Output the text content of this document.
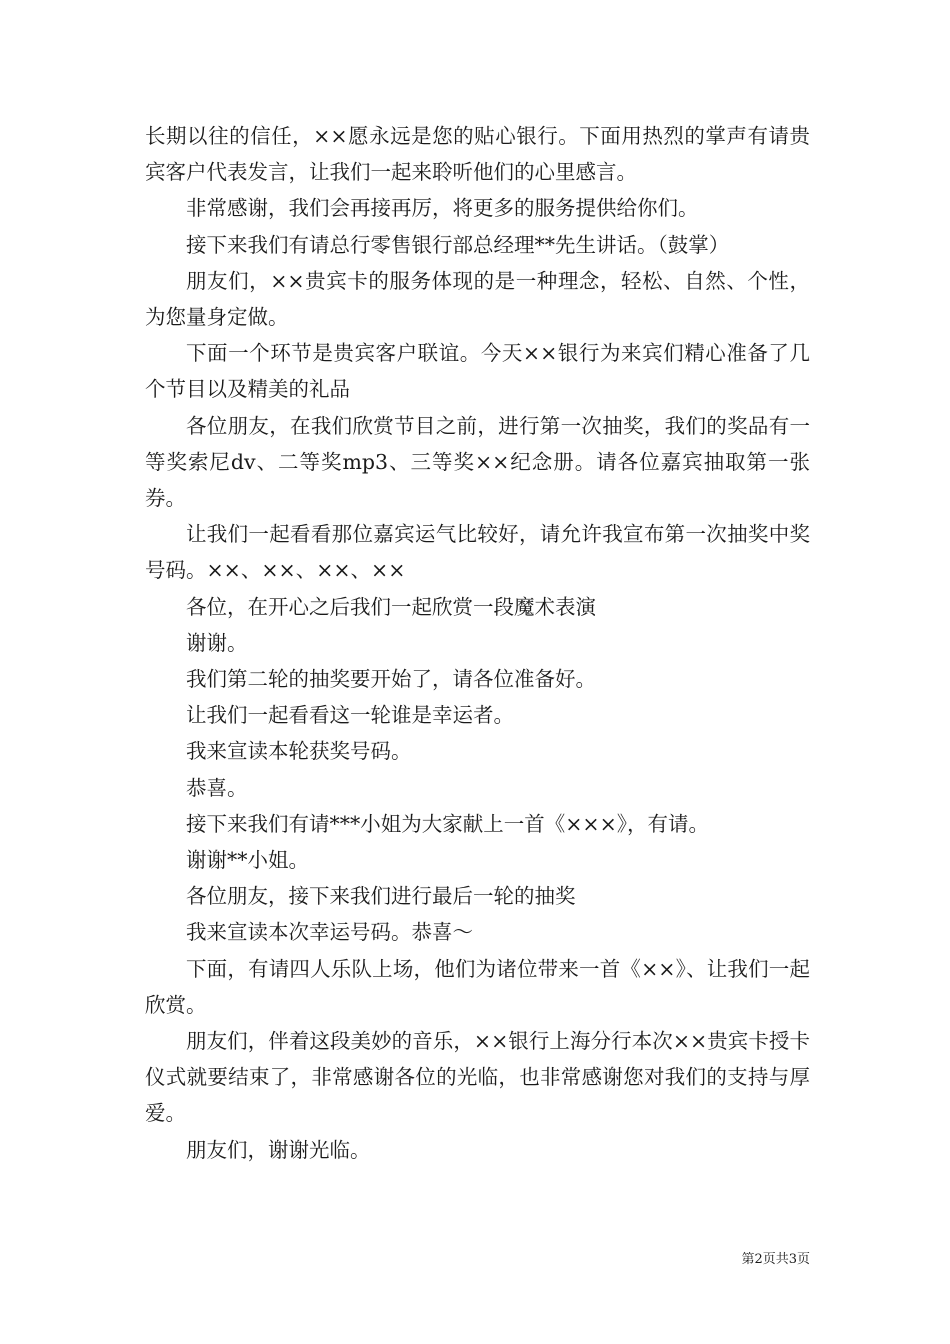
长期以往的信任，××愿永远是您的贴心银行。下面用热烈的掌声有请贵宾客户代表发言，让我们一起来聆听他们的心里感言。

非常感谢，我们会再接再厉，将更多的服务提供给你们。

接下来我们有请总行零售银行部总经理**先生讲话。（鼓掌）

朋友们，××贵宾卡的服务体现的是一种理念，轻松、自然、个性，为您量身定做。

下面一个环节是贵宾客户联谊。今天××银行为来宾们精心准备了几个节目以及精美的礼品

各位朋友，在我们欣赏节目之前，进行第一次抽奖，我们的奖品有一等奖索尼dv、二等奖mp3、三等奖××纪念册。请各位嘉宾抽取第一张券。

让我们一起看看那位嘉宾运气比较好，请允许我宣布第一次抽奖中奖号码。××、××、××、××

各位，在开心之后我们一起欣赏一段魔术表演

谢谢。

我们第二轮的抽奖要开始了，请各位准备好。

让我们一起看看这一轮谁是幸运者。

我来宣读本轮获奖号码。

恭喜。

接下来我们有请***小姐为大家献上一首《×××》，有请。

谢谢**小姐。

各位朋友，接下来我们进行最后一轮的抽奖

我来宣读本次幸运号码。恭喜～

下面，有请四人乐队上场，他们为诸位带来一首《××》、让我们一起欣赏。

朋友们，伴着这段美妙的音乐，××银行上海分行本次××贵宾卡授卡仪式就要结束了，非常感谢各位的光临，也非常感谢您对我们的支持与厚爱。

朋友们，谢谢光临。

第2页共3页
